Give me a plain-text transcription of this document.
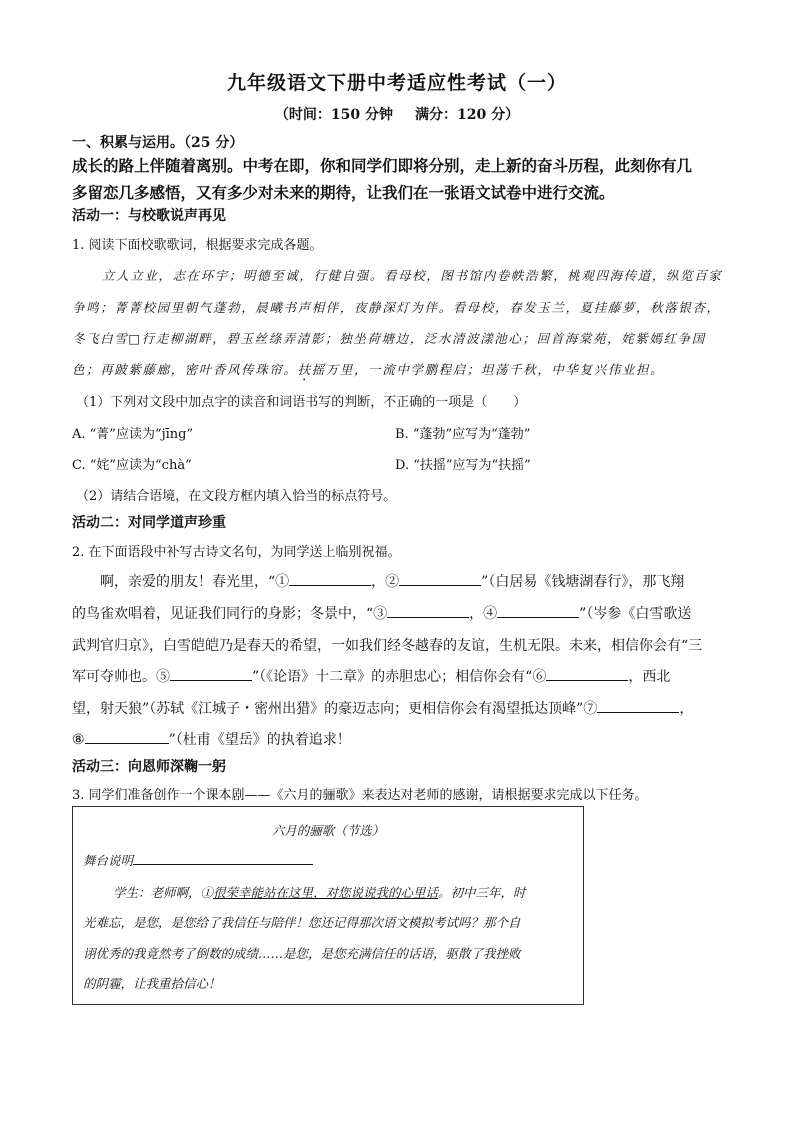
九年级语文下册中考适应性考试（一）
（时间：150 分钟 满分：120 分）
一、积累与运用。（25 分）
成长的路上伴随着离别。中考在即，你和同学们即将分别，走上新的奋斗历程，此刻你有几
多留恋几多感悟，又有多少对未来的期待，让我们在一张语文试卷中进行交流。
活动一：与校歌说声再见
1. 阅读下面校歌歌词，根据要求完成各题。
立人立业，志在环宇；明德至诚，行健自强。看母校，图书馆内卷帙浩繁，桃观四海传道，纵览百家
争鸣；菁菁校园里朝气蓬勃，晨曦书声相伴，夜静深灯为伴。看母校，春发玉兰，夏挂藤萝，秋落银杏，
冬飞白雪□行走柳湖畔，碧玉丝绦弄清影；独坐荷塘边，泛水清波漾池心；回首海棠苑，姹紫嫣红争国
色；再跛紫藤廊，密叶香风传珠帘。扶摇万里，一流中学鹏程启；坦荡千秋，中华复兴伟业担。
（1）下列对文段中加点字的读音和词语书写的判断，不正确的一项是（　　）
A. “菁”应读为“jīng”	B. “蓬勃”应写为“蓬勃”
C. “姹”应读为“chà”	D. “扶摇”应写为“扶摇”
（2）请结合语境，在文段方框内填入恰当的标点符号。
活动二：对同学道声珍重
2. 在下面语段中补写古诗文名句，为同学送上临别祝福。
啊，亲爱的朋友！春光里，“①	，②	”（白居易《钱塘湖春行》，那飞翔
的鸟雀欢唱着，见证我们同行的身影；冬景中，“③	，④	”（岑参《白雪歌送
武判官归京》，白雪皑皑乃是春天的希望，一如我们经冬越春的友谊，生机无限。未来，相信你会有“三
军可夺帅也。⑤	”（《论语》十二章》的赤胆忠心；相信你会有“⑥	，西北
望，射天狼”（苏轼《江城子・密州出猎》的豪迈志向；更相信你会有渴望抵达顶峰”⑦	，
⑧	”（杜甫《望岳》的执着追求！
活动三：向恩师深鞠一躬
3. 同学们准备创作一个课本剧——《六月的骊歌》来表达对老师的感谢，请根据要求完成以下任务。
六月的骊歌（节选）
舞台说明
学生：老师啊，①很荣幸能站在这里，对您说说我的心里话。初中三年，时
光难忘，是您，是您给了我信任与陪伴！您还记得那次语文模拟考试吗？那个自
诩优秀的我竟然考了倒数的成绩……是您，是您充满信任的话语，驱散了我挫败
的阴霾，让我重拾信心！
